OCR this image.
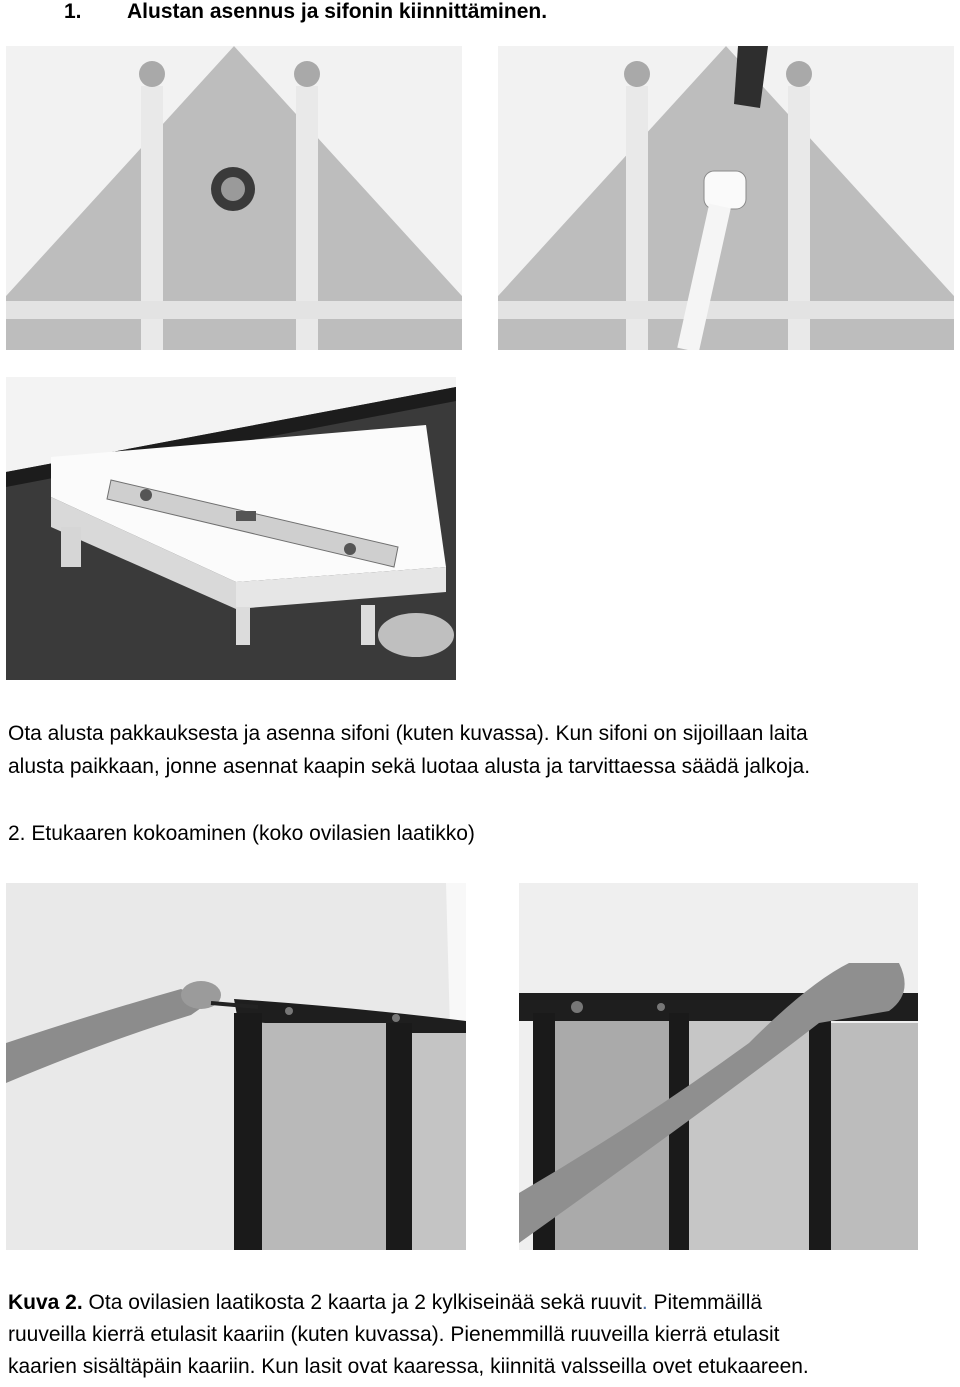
1. Alustan asennus ja sifonin kiinnittäminen.
Ota alusta pakkauksesta ja asenna sifoni (kuten kuvassa). Kun sifoni on sijoillaan laita
alusta paikkaan, jonne asennat kaapin sekä luotaa alusta ja tarvittaessa säädä jalkoja.
2. Etukaaren kokoaminen (koko ovilasien laatikko)
Kuva 2. Ota ovilasien laatikosta 2 kaarta ja 2 kylkiseinää sekä ruuvit. Pitemmäillä
ruuveilla kierrä etulasit kaariin (kuten kuvassa). Pienemmillä ruuveilla kierrä etulasit
kaarien sisältäpäin kaariin. Kun lasit ovat kaaressa, kiinnitä valsseilla ovet etukaareen.
